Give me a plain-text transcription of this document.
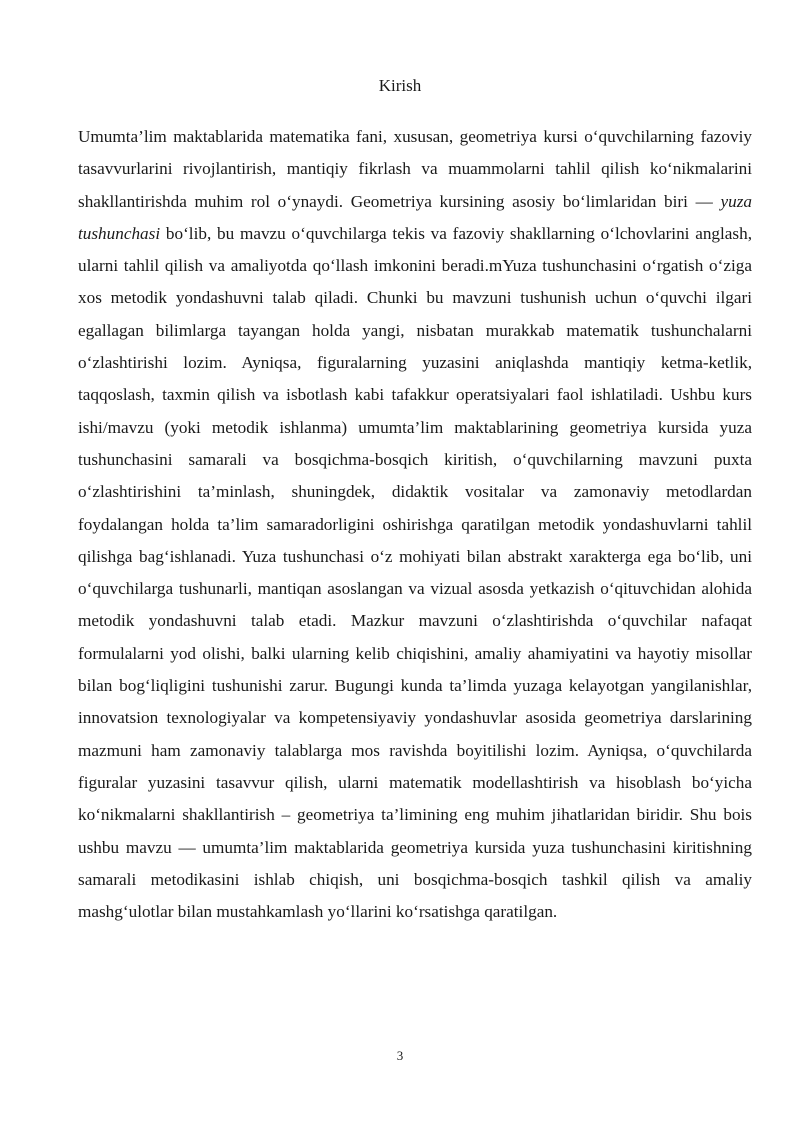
Kirish

Umumta’lim maktablarida matematika fani, xususan, geometriya kursi o‘quvchilarning fazoviy tasavvurlarini rivojlantirish, mantiqiy fikrlash va muammolarni tahlil qilish ko‘nikmalarini shakllantirishda muhim rol o‘ynaydi. Geometriya kursining asosiy bo‘limlaridan biri — yuza tushunchasi bo‘lib, bu mavzu o‘quvchilarga tekis va fazoviy shakllarning o‘lchovlarini anglash, ularni tahlil qilish va amaliyotda qo‘llash imkonini beradi.mYuza tushunchasini o‘rgatish o‘ziga xos metodik yondashuvni talab qiladi. Chunki bu mavzuni tushunish uchun o‘quvchi ilgari egallagan bilimlarga tayangan holda yangi, nisbatan murakkab matematik tushunchalarni o‘zlashtirishi lozim. Ayniqsa, figuralarning yuzasini aniqlashda mantiqiy ketma-ketlik, taqqoslash, taxmin qilish va isbotlash kabi tafakkur operatsiyalari faol ishlatiladi. Ushbu kurs ishi/mavzu (yoki metodik ishlanma) umumta’lim maktablarining geometriya kursida yuza tushunchasini samarali va bosqichma-bosqich kiritish, o‘quvchilarning mavzuni puxta o‘zlashtirishini ta’minlash, shuningdek, didaktik vositalar va zamonaviy metodlardan foydalangan holda ta’lim samaradorligini oshirishga qaratilgan metodik yondashuvlarni tahlil qilishga bag‘ishlanadi. Yuza tushunchasi o‘z mohiyati bilan abstrakt xarakterga ega bo‘lib, uni o‘quvchilarga tushunarli, mantiqan asoslangan va vizual asosda yetkazish o‘qituvchidan alohida metodik yondashuvni talab etadi. Mazkur mavzuni o‘zlashtirishda o‘quvchilar nafaqat formulalarni yod olishi, balki ularning kelib chiqishini, amaliy ahamiyatini va hayotiy misollar bilan bog‘liqligini tushunishi zarur. Bugungi kunda ta’limda yuzaga kelayotgan yangilanishlar, innovatsion texnologiyalar va kompetensiyaviy yondashuvlar asosida geometriya darslarining mazmuni ham zamonaviy talablarga mos ravishda boyitilishi lozim. Ayniqsa, o‘quvchilarda figuralar yuzasini tasavvur qilish, ularni matematik modellashtirish va hisoblash bo‘yicha ko‘nikmalarni shakllantirish – geometriya ta’limining eng muhim jihatlaridan biridir. Shu bois ushbu mavzu — umumta’lim maktablarida geometriya kursida yuza tushunchasini kiritishning samarali metodikasini ishlab chiqish, uni bosqichma-bosqich tashkil qilish va amaliy mashg‘ulotlar bilan mustahkamlash yo‘llarini ko‘rsatishga qaratilgan.

3
